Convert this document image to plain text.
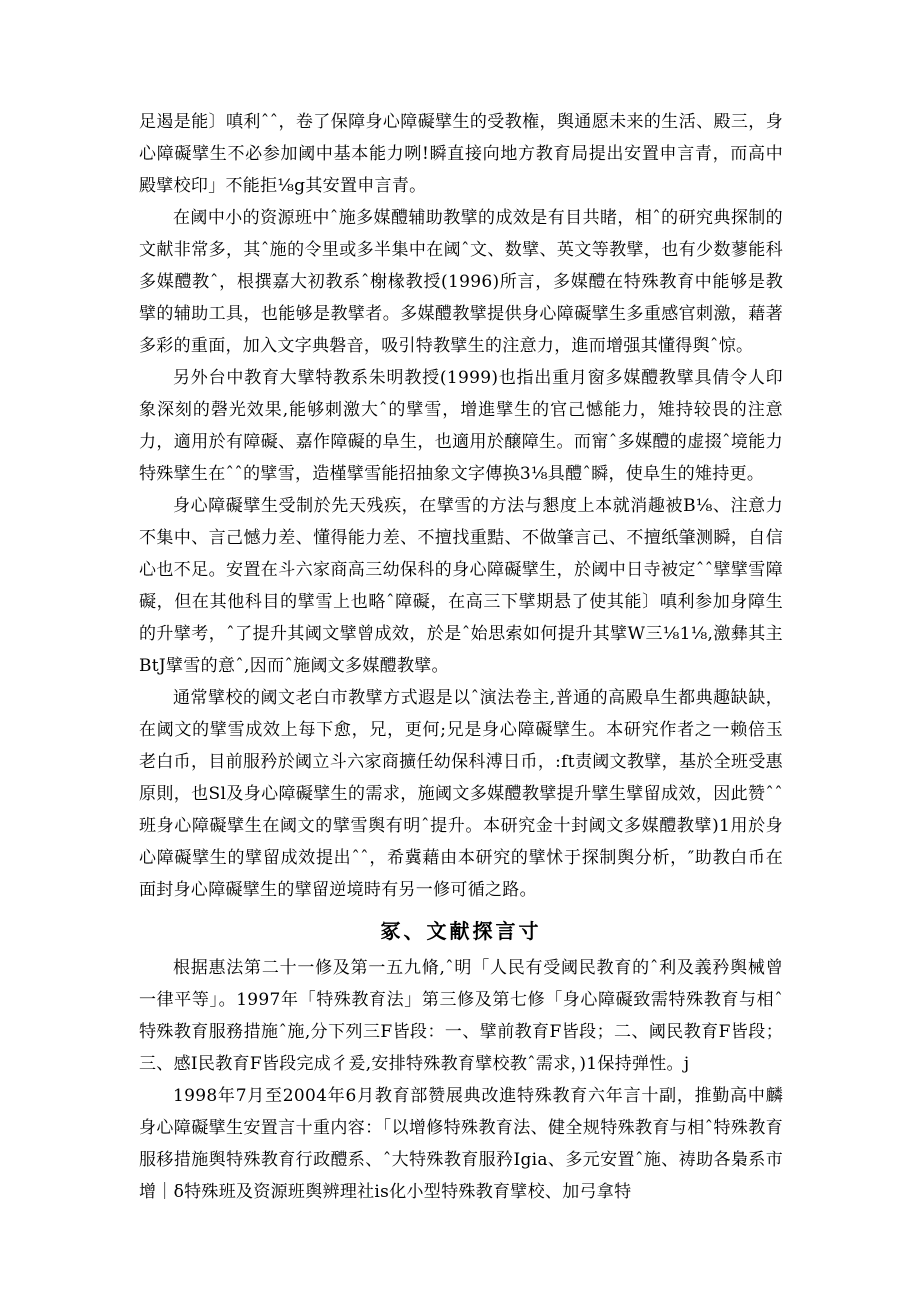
足遏是能〕嗔利ˆˆ，卷了保障身心障礙擘生的受教権，舆通愿未来的生活、殿三，身心障礙擘生不必参加阈中基本能力咧!瞬直接向地方教育局提出安置申言青，而高中殿擘校印」不能拒⅛g其安置申言青。

在阈中小的资源班中ˆ施多媒醴辅助教擘的成效是有目共睹，相ˆ的研究典探制的文献非常多，其ˆ施的令里或多半集中在阈ˆ文、数擘、英文等教擘，也有少数蓼能科多媒醴教ˆ，根撰嘉大初教系ˆ榭椽教授(1996)所言，多媒醴在特殊教育中能够是教擘的辅助工具，也能够是教擘者。多媒醴教擘提供身心障礙擘生多重感官刺激，藉著多彩的重面，加入文字典磐音，吸引特教擘生的注意力，進而增强其懂得舆ˆ惊。

另外台中教育大擘特教系朱明教授(1999)也指出重月窗多媒醴教擘具倩令人印象深刻的磬光效果,能够刺激大ˆ的擘雪，增進擘生的官己憾能力，雉持较畏的注意力，適用於有障礙、嘉作障礙的阜生，也適用於醸障生。而甯ˆ多媒醴的虚掇ˆ境能力特殊擘生在ˆˆ的擘雪，造槿擘雪能招抽象文字傳换3⅛具醴ˆ瞬，使阜生的雉持更。

身心障礙擘生受制於先天残疾，在擘雪的方法与懇度上本就消趣被B⅛、注意力不集中、言己憾力差、懂得能力差、不擅找重黠、不做肇言己、不擅纸肇测瞬，自信心也不足。安置在斗六家商高三幼保科的身心障礙擘生，於阈中日寺被定ˆˆ擘擘雪障礙，但在其他科目的擘雪上也略ˆ障礙，在高三下擘期悬了使其能〕嗔利参加身障生的升擘考，ˆ了提升其阈文擘曾成效，於是ˆ始思索如何提升其擘W三⅛1⅛,激彝其主BtJ擘雪的意ˆ,因而ˆ施阈文多媒醴教擘。

通常擘校的阈文老白市教擘方式遐是以ˆ演法卷主,普通的高殿阜生都典趣缺缺，在阈文的擘雪成效上每下愈，兄，更何;兄是身心障礙擘生。本研究作者之一赖倍玉老白币，目前服矜於阈立斗六家商擴任幼保科溥日币，:ft责阈文教擘，基於全班受惠原則，也Sl及身心障礙擘生的需求，施阈文多媒醴教擘提升擘生擘留成效，因此赞ˆˆ班身心障礙擘生在阈文的擘雪舆有明ˆ提升。本研究金十封阈文多媒醴教擘)1用於身心障礙擘生的擘留成效提出ˆˆ，希冀藉由本研究的擘怵于探制舆分析，″助教白币在面封身心障礙擘生的擘留逆境時有另一修可循之路。

冢、文献探言寸

根据惠法第二十一修及第一五九脩,ˆ明「人民有受阈民教育的ˆ利及義矜舆械曾一律平等」。1997年「特殊教育法」第三修及第七修「身心障礙致需特殊教育与相ˆ特殊教育服務措施ˆ施,分下列三F皆段：一、擘前教育F皆段；二、阈民教育F皆段；三、感I民教育F皆段完成彳爰,安排特殊教育擘校教ˆ需求，)1保持弹性。j

1998年7月至2004年6月教育部赞展典改進特殊教育六年言十副，推勤高中麟身心障礙擘生安置言十重内容：「以增修特殊教育法、健全规特殊教育与相ˆ特殊教育服移措施舆特殊教育行政醴系、ˆ大特殊教育服矜Igia、多元安置ˆ施、祷助各梟系市增｜δ特殊班及资源班舆辨理社is化小型特殊教育擘校、加弓拿特
